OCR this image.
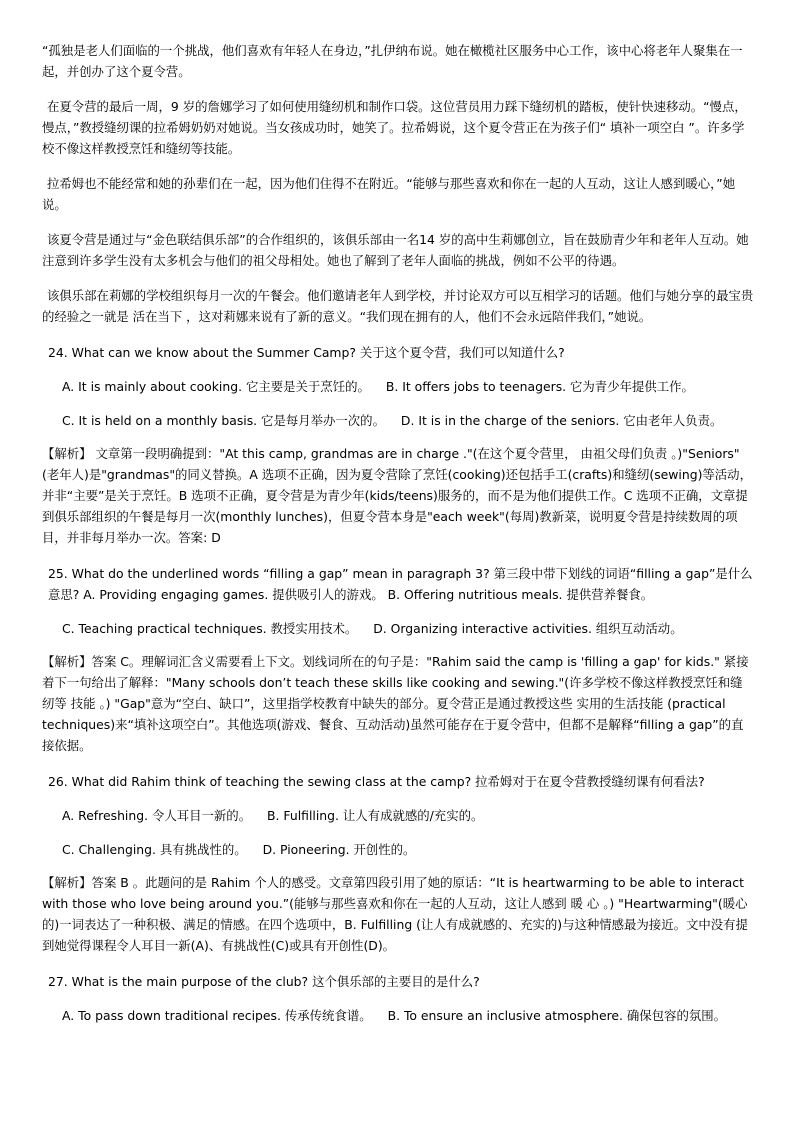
“孤独是老人们面临的一个挑战，他们喜欢有年轻人在身边，”扎伊纳布说。她在橄榄社区服务中心工作，该中心将老年人聚集在一起，并创办了这个夏令营。

在夏令营的最后一周，9 岁的詹娜学习了如何使用缝纫机和制作口袋。这位营员用力踩下缝纫机的踏板，使针快速移动。“慢点，慢点，”教授缝纫课的拉希姆奶奶对她说。当女孩成功时，她笑了。拉希姆说，这个夏令营正在为孩子们“ 填补一项空白 ”。许多学校不像这样教授烹饪和缝纫等技能。

拉希姆也不能经常和她的孙辈们在一起，因为他们住得不在附近。“能够与那些喜欢和你在一起的人互动，这让人感到暖心，”她说。

该夏令营是通过与“金色联结俱乐部”的合作组织的，该俱乐部由一名14 岁的高中生莉娜创立，旨在鼓励青少年和老年人互动。她注意到许多学生没有太多机会与他们的祖父母相处。她也了解到了老年人面临的挑战，例如不公平的待遇。

该俱乐部在莉娜的学校组织每月一次的午餐会。他们邀请老年人到学校，并讨论双方可以互相学习的话题。他们与她分享的最宝贵的经验之一就是 活在当下 ，这对莉娜来说有了新的意义。“我们现在拥有的人，他们不会永远陪伴我们，”她说。

24. What can we know about the Summer Camp? 关于这个夏令营，我们可以知道什么?

A. It is mainly about cooking. 它主要是关于烹饪的。 B. It offers jobs to teenagers. 它为青少年提供工作。
C. It is held on a monthly basis. 它是每月举办一次的。 D. It is in the charge of the seniors. 它由老年人负责。

【解析】 文章第一段明确提到："At this camp, grandmas are in charge ."(在这个夏令营里， 由祖父母们负责 。)"Seniors"(老年人)是"grandmas"的同义替换。A 选项不正确，因为夏令营除了烹饪(cooking)还包括手工(crafts)和缝纫(sewing)等活动，并非“主要”是关于烹饪。B 选项不正确，夏令营是为青少年(kids/teens)服务的，而不是为他们提供工作。C 选项不正确，文章提到俱乐部组织的午餐是每月一次(monthly lunches)，但夏令营本身是"each week"(每周)教新菜，说明夏令营是持续数周的项目，并非每月举办一次。答案: D

25. What do the underlined words “filling a gap” mean in paragraph 3? 第三段中带下划线的词语“filling a gap”是什么意思? A. Providing engaging games. 提供吸引人的游戏。 B. Offering nutritious meals. 提供营养餐食。

C. Teaching practical techniques. 教授实用技术。 D. Organizing interactive activities. 组织互动活动。

【解析】答案 C。理解词汇含义需要看上下文。划线词所在的句子是："Rahim said the camp is 'filling a gap' for kids." 紧接着下一句给出了解释："Many schools don’t teach these skills like cooking and sewing."(许多学校不像这样教授烹饪和缝纫等 技能 。) "Gap"意为“空白、缺口”，这里指学校教育中缺失的部分。夏令营正是通过教授这些 实用的生活技能 (practical techniques)来“填补这项空白”。其他选项(游戏、餐食、互动活动)虽然可能存在于夏令营中，但都不是解释“filling a gap”的直接依据。

26. What did Rahim think of teaching the sewing class at the camp? 拉希姆对于在夏令营教授缝纫课有何看法?

A. Refreshing. 令人耳目一新的。 B. Fulfilling. 让人有成就感的/充实的。
C. Challenging. 具有挑战性的。 D. Pioneering. 开创性的。

【解析】答案 B 。此题问的是 Rahim 个人的感受。文章第四段引用了她的原话：“It is heartwarming to be able to interact with those who love being around you.”(能够与那些喜欢和你在一起的人互动，这让人感到 暖 心 。) "Heartwarming"(暖心的)一词表达了一种积极、满足的情感。在四个选项中，B. Fulfilling (让人有成就感的、充实的)与这种情感最为接近。文中没有提到她觉得课程令人耳目一新(A)、有挑战性(C)或具有开创性(D)。

27. What is the main purpose of the club? 这个俱乐部的主要目的是什么?

A. To pass down traditional recipes. 传承传统食谱。 B. To ensure an inclusive atmosphere. 确保包容的氛围。
